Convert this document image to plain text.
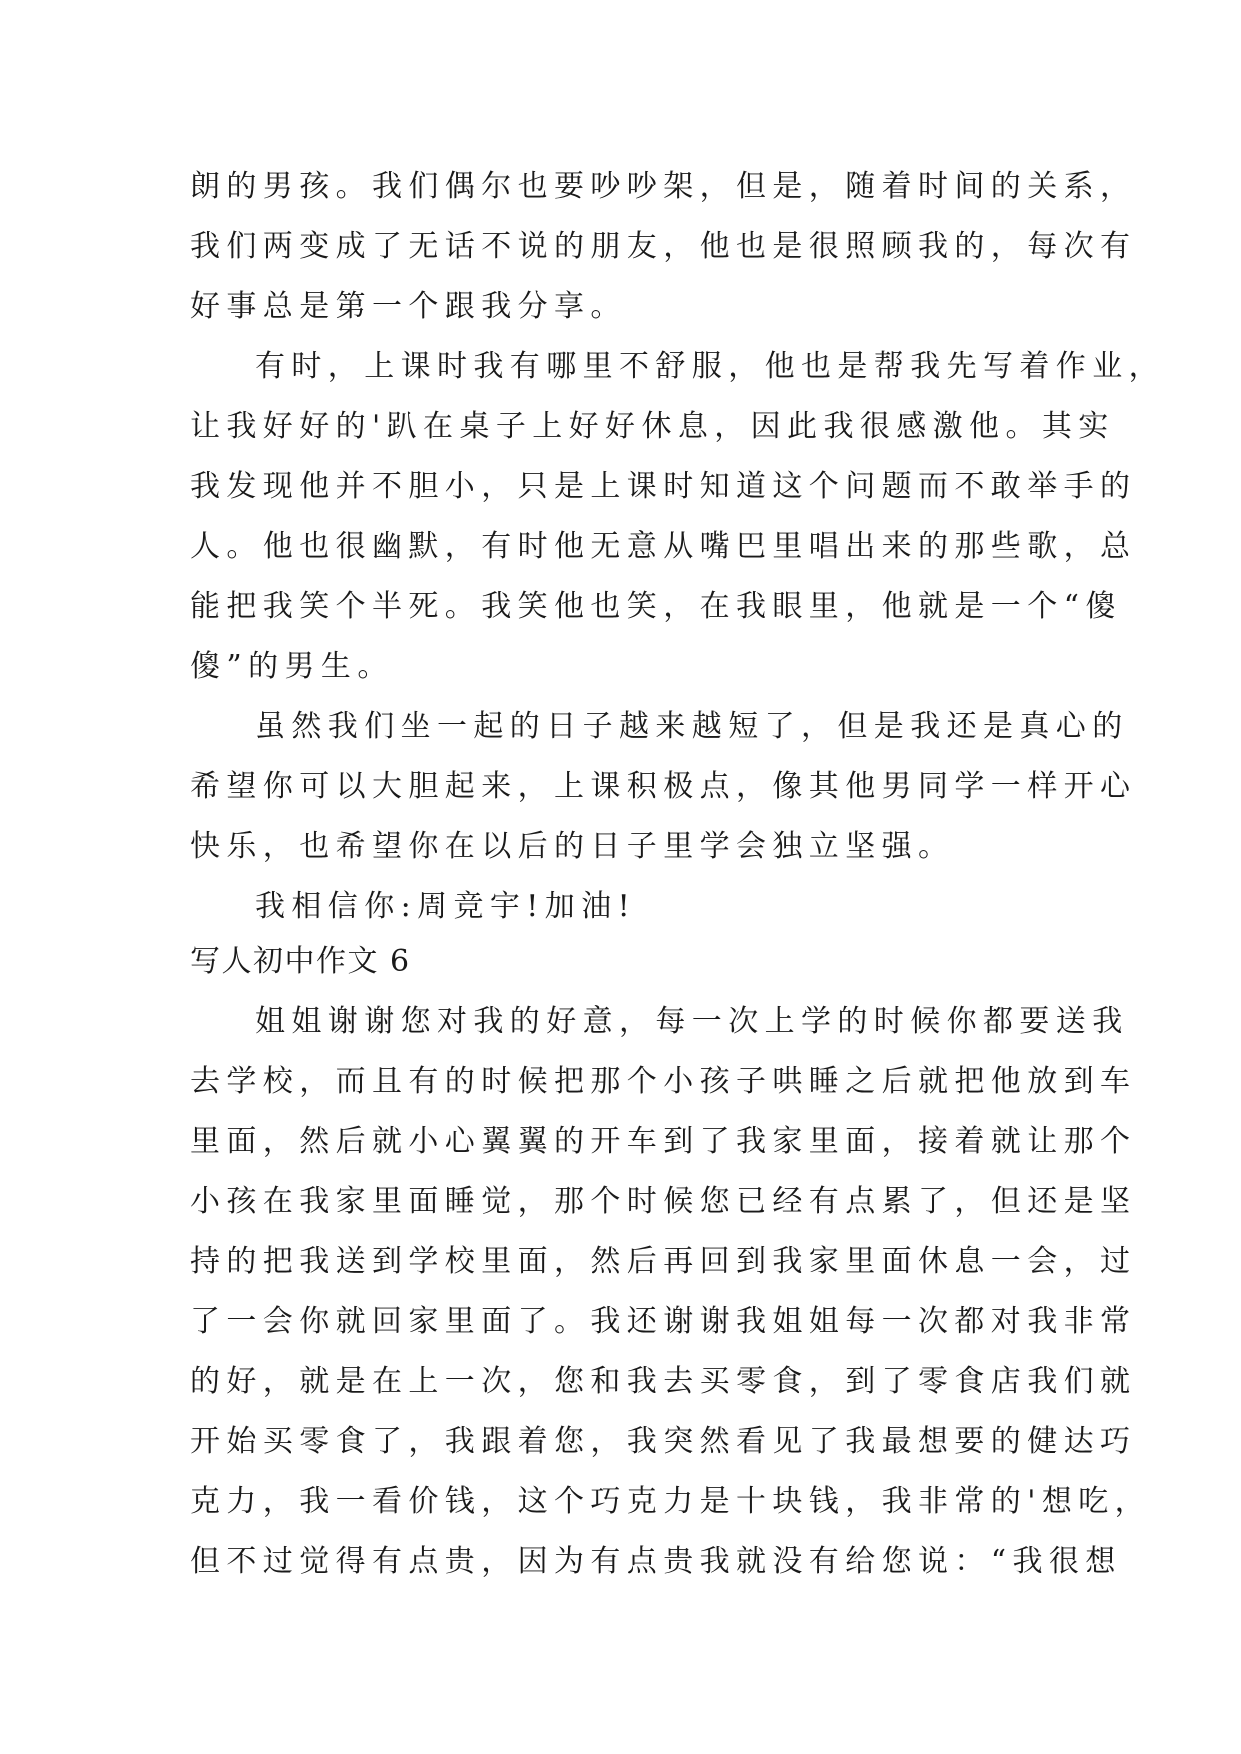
朗的男孩。我们偶尔也要吵吵架，但是，随着时间的关系，
我们两变成了无话不说的朋友，他也是很照顾我的，每次有
好事总是第一个跟我分享。
有时，上课时我有哪里不舒服，他也是帮我先写着作业，
让我好好的'趴在桌子上好好休息，因此我很感激他。其实
我发现他并不胆小，只是上课时知道这个问题而不敢举手的
人。他也很幽默，有时他无意从嘴巴里唱出来的那些歌，总
能把我笑个半死。我笑他也笑，在我眼里，他就是一个“傻
傻”的男生。
虽然我们坐一起的日子越来越短了，但是我还是真心的
希望你可以大胆起来，上课积极点，像其他男同学一样开心
快乐，也希望你在以后的日子里学会独立坚强。
我相信你:周竞宇!加油!
写人初中作文 6
姐姐谢谢您对我的好意，每一次上学的时候你都要送我
去学校，而且有的时候把那个小孩子哄睡之后就把他放到车
里面，然后就小心翼翼的开车到了我家里面，接着就让那个
小孩在我家里面睡觉，那个时候您已经有点累了，但还是坚
持的把我送到学校里面，然后再回到我家里面休息一会，过
了一会你就回家里面了。我还谢谢我姐姐每一次都对我非常
的好，就是在上一次，您和我去买零食，到了零食店我们就
开始买零食了，我跟着您，我突然看见了我最想要的健达巧
克力，我一看价钱，这个巧克力是十块钱，我非常的'想吃，
但不过觉得有点贵，因为有点贵我就没有给您说：“我很想
